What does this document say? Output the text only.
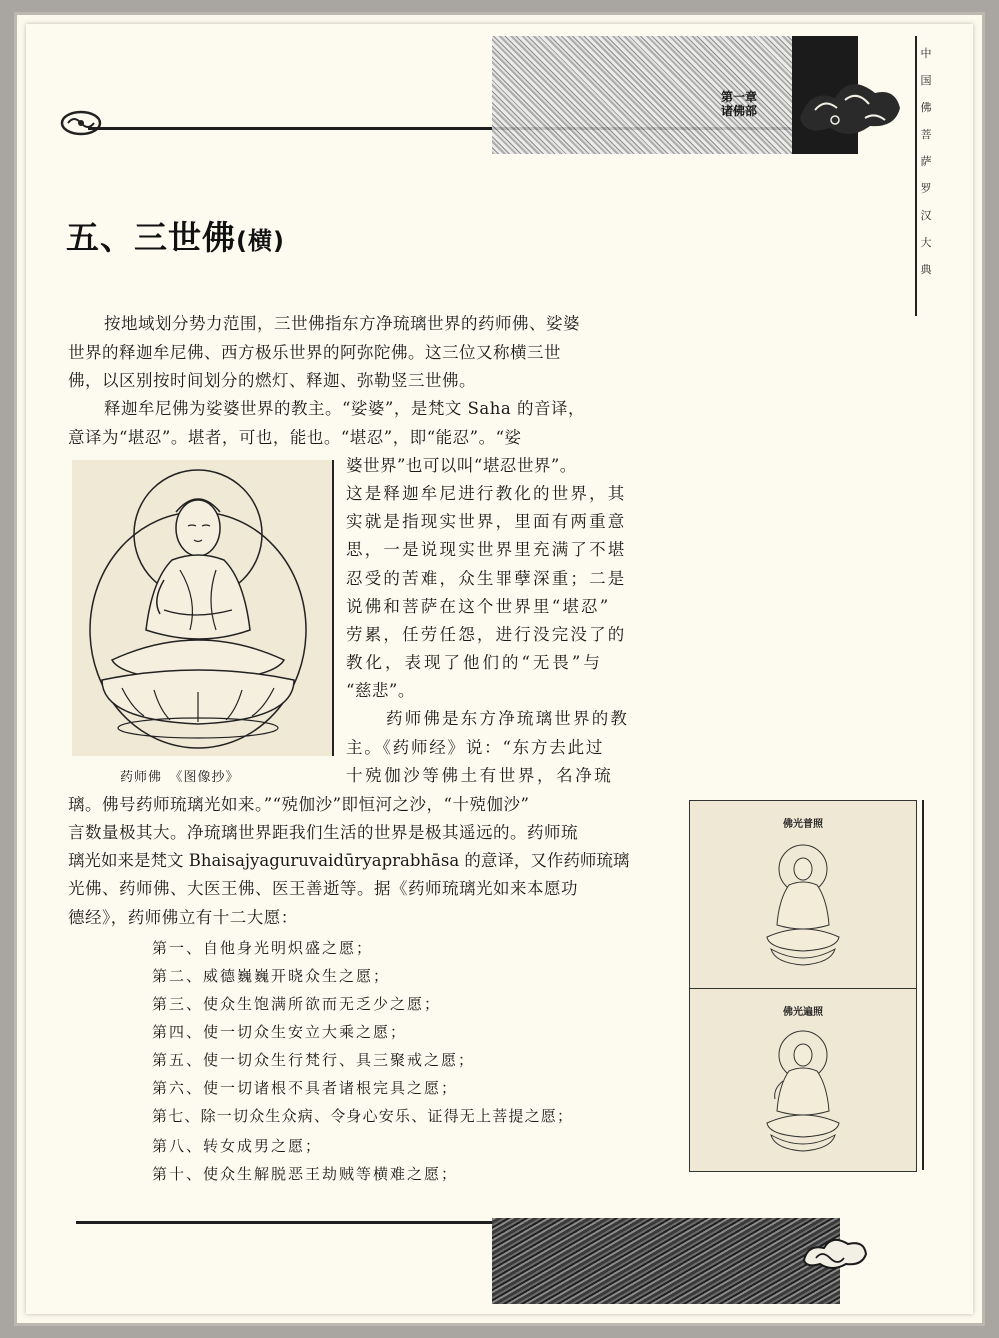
第一章
诸佛部
中
国
佛
菩
萨
罗
汉
大
典
五、三世佛(横)
按地域划分势力范围，三世佛指东方净琉璃世界的药师佛、娑婆
世界的释迦牟尼佛、西方极乐世界的阿弥陀佛。这三位又称横三世
佛，以区别按时间划分的燃灯、释迦、弥勒竖三世佛。
释迦牟尼佛为娑婆世界的教主。“娑婆”，是梵文 Saha 的音译，
意译为“堪忍”。堪者，可也，能也。“堪忍”，即“能忍”。“娑
婆世界”也可以叫“堪忍世界”。
这是释迦牟尼进行教化的世界，其
实就是指现实世界，里面有两重意
思，一是说现实世界里充满了不堪
忍受的苦难，众生罪孽深重；二是
说佛和菩萨在这个世界里“堪忍”
劳累，任劳任怨，进行没完没了的
教化，表现了他们的“无畏”与
“慈悲”。
药师佛是东方净琉璃世界的教
主。《药师经》说：“东方去此过
十殑伽沙等佛土有世界，名净琉
璃。佛号药师琉璃光如来。”“殑伽沙”即恒河之沙，“十殑伽沙”
言数量极其大。净琉璃世界距我们生活的世界是极其遥远的。药师琉
璃光如来是梵文 Bhaisajyaguruvaidūryaprabhāsa 的意译，又作药师琉璃
光佛、药师佛、大医王佛、医王善逝等。据《药师琉璃光如来本愿功
德经》，药师佛立有十二大愿：
第一、自他身光明炽盛之愿；
第二、威德巍巍开晓众生之愿；
第三、使众生饱满所欲而无乏少之愿；
第四、使一切众生安立大乘之愿；
第五、使一切众生行梵行、具三聚戒之愿；
第六、使一切诸根不具者诸根完具之愿；
第七、除一切众生众病、令身心安乐、证得无上菩提之愿；
第八、转女成男之愿；
第十、使众生解脱恶王劫贼等横难之愿；
药师佛　《图像抄》
佛光普照
佛光遍照
